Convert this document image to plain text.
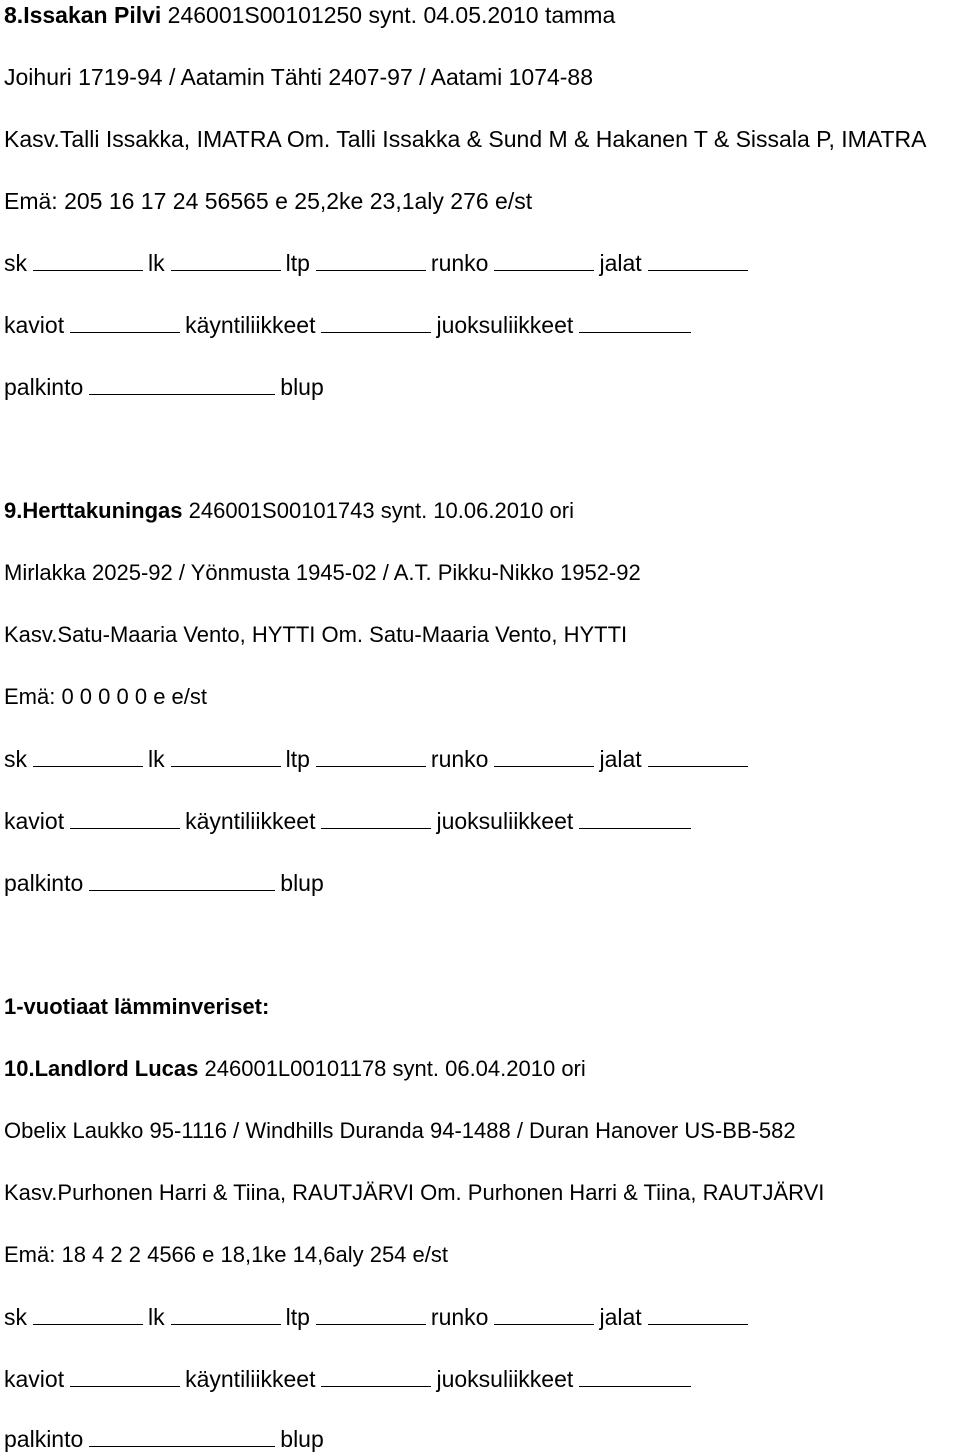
8.Issakan Pilvi 246001S00101250 synt. 04.05.2010 tamma
Joihuri 1719-94 / Aatamin Tähti 2407-97 / Aatami 1074-88
Kasv.Talli Issakka, IMATRA Om. Talli Issakka & Sund M & Hakanen T & Sissala P, IMATRA
Emä: 205 16 17 24 56565 e 25,2ke 23,1aly 276 e/st
sk	lk	ltp	runko	jalat
kaviot	käyntiliikkeet	juoksuliikkeet
palkinto	blup
9.Herttakuningas 246001S00101743 synt. 10.06.2010 ori
Mirlakka 2025-92 / Yönmusta 1945-02 / A.T. Pikku-Nikko 1952-92
Kasv.Satu-Maaria Vento, HYTTI Om. Satu-Maaria Vento, HYTTI
Emä: 0 0 0 0 0 e e/st
sk	lk	ltp	runko	jalat
kaviot	käyntiliikkeet	juoksuliikkeet
palkinto	blup
1-vuotiaat lämminveriset:
10.Landlord Lucas 246001L00101178 synt. 06.04.2010 ori
Obelix Laukko 95-1116 / Windhills Duranda 94-1488 / Duran Hanover US-BB-582
Kasv.Purhonen Harri & Tiina, RAUTJÄRVI Om. Purhonen Harri & Tiina, RAUTJÄRVI
Emä: 18 4 2 2 4566 e 18,1ke 14,6aly 254 e/st
sk	lk	ltp	runko	jalat
kaviot	käyntiliikkeet	juoksuliikkeet
palkinto	blup
